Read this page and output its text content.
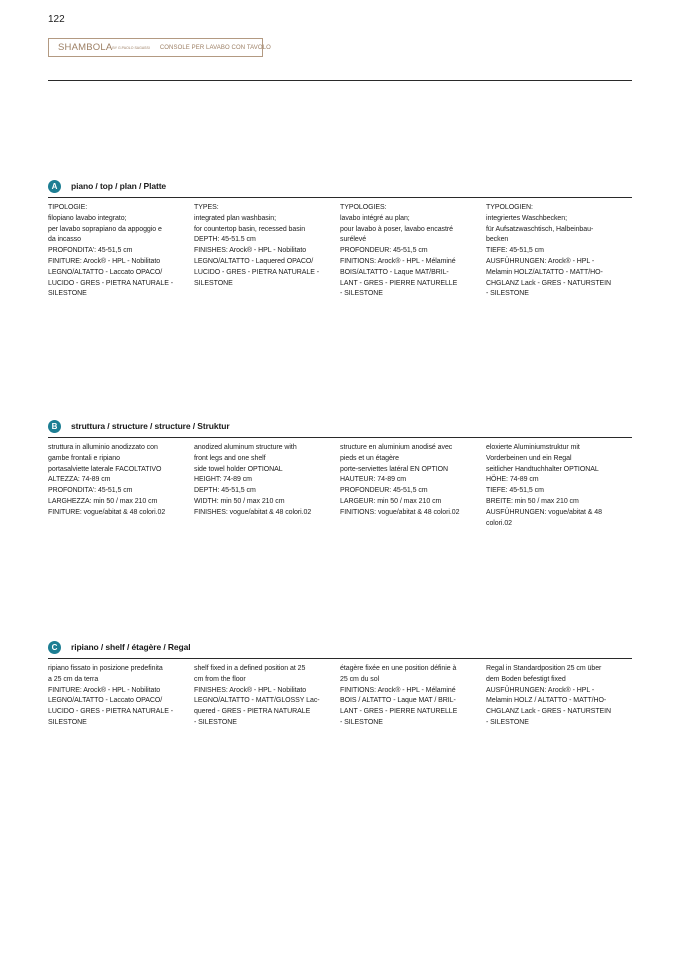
122
SHAMBOLA BY G.PAOLO SAGASSI CONSOLE PER LAVABO CON TAVOLO
A	piano / top / plan / Platte
TIPOLOGIE:
filopiano lavabo integrato;
per lavabo soprapiano da appoggio e
da incasso
PROFONDITA': 45-51,5 cm
FINITURE: Arock® - HPL - Nobilitato
LEGNO/ALTATTO - Laccato OPACO/
LUCIDO - GRES - PIETRA NATURALE -
SILESTONE
TYPES:
integrated plan washbasin;
for countertop basin, recessed basin
DEPTH: 45-51.5 cm
FINISHES: Arock® - HPL - Nobilitato
LEGNO/ALTATTO - Laquered OPACO/
LUCIDO - GRES - PIETRA NATURALE -
SILESTONE
TYPOLOGIES:
lavabo intégré au plan;
pour lavabo à poser, lavabo encastré
surélevé
PROFONDEUR: 45-51,5 cm
FINITIONS: Arock® - HPL - Mélaminé
BOIS/ALTATTO - Laque MAT/BRIL-
LANT - GRES - PIERRE NATURELLE
- SILESTONE
TYPOLOGIEN:
integriertes Waschbecken;
für Aufsatzwaschtisch, Halbeinbau-
becken
TIEFE: 45-51,5 cm
AUSFÜHRUNGEN: Arock® - HPL -
Melamin HOLZ/ALTATTO - MATT/HO-
CHGLANZ Lack - GRES - NATURSTEIN
- SILESTONE
B	struttura / structure / structure / Struktur
struttura in alluminio anodizzato con
gambe frontali e ripiano
portasalviette laterale FACOLTATIVO
ALTEZZA: 74-89 cm
PROFONDITA': 45-51,5 cm
LARGHEZZA: min 50 / max 210 cm
FINITURE: vogue/abitat & 48 colori.02
anodized aluminum structure with
front legs and one shelf
side towel holder OPTIONAL
HEIGHT: 74-89 cm
DEPTH: 45-51,5 cm
WIDTH: min 50 / max 210 cm
FINISHES: vogue/abitat & 48 colori.02
structure en aluminium anodisé avec
pieds et un étagère
porte-serviettes latéral EN OPTION
HAUTEUR: 74-89 cm
PROFONDEUR: 45-51,5 cm
LARGEUR: min 50 / max 210 cm
FINITIONS: vogue/abitat & 48 colori.02
eloxierte Aluminiumstruktur mit
Vorderbeinen und ein Regal
seitlicher Handtuchhalter OPTIONAL
HÖHE: 74-89 cm
TIEFE: 45-51,5 cm
BREITE: min 50 / max 210 cm
AUSFÜHRUNGEN: vogue/abitat & 48
colori.02
C	ripiano / shelf / étagère / Regal
ripiano fissato in posizione predefinita
a 25 cm da terra
FINITURE: Arock® - HPL - Nobilitato
LEGNO/ALTATTO - Laccato OPACO/
LUCIDO - GRES - PIETRA NATURALE -
SILESTONE
shelf fixed in a defined position at 25
cm from the floor
FINISHES: Arock® - HPL - Nobilitato
LEGNO/ALTATTO - MATT/GLOSSY Lac-
quered - GRES - PIETRA NATURALE
- SILESTONE
étagère fixée en une position définie à
25 cm du sol
FINITIONS: Arock® - HPL - Mélaminé
BOIS / ALTATTO - Laque MAT / BRIL-
LANT - GRES - PIERRE NATURELLE
- SILESTONE
Regal in Standardposition 25 cm über
dem Boden befestigt fixed
AUSFÜHRUNGEN: Arock® - HPL -
Melamin HOLZ / ALTATTO - MATT/HO-
CHGLANZ Lack - GRES - NATURSTEIN
- SILESTONE
